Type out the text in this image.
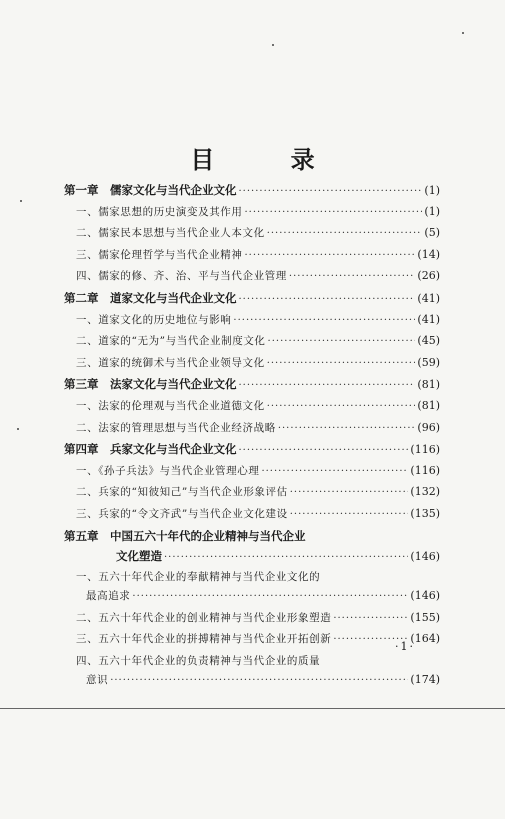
目 录
第一章　儒家文化与当代企业文化 ·····	(1)
一、儒家思想的历史演变及其作用 ·····	(1)
二、儒家民本思想与当代企业人本文化 ·····	(5)
三、儒家伦理哲学与当代企业精神 ·····	(14)
四、儒家的修、齐、治、平与当代企业管理 ·····	(26)
第二章　道家文化与当代企业文化 ·····	(41)
一、道家文化的历史地位与影响 ·····	(41)
二、道家的“无为”与当代企业制度文化 ·····	(45)
三、道家的统御术与当代企业领导文化 ·····	(59)
第三章　法家文化与当代企业文化 ·····	(81)
一、法家的伦理观与当代企业道德文化 ·····	(81)
二、法家的管理思想与当代企业经济战略 ·····	(96)
第四章　兵家文化与当代企业文化 ·····	(116)
一、《孙子兵法》与当代企业管理心理 ·····	(116)
二、兵家的“知彼知己”与当代企业形象评估 ·····	(132)
三、兵家的“令文齐武”与当代企业文化建设 ·····	(135)
第五章　中国五六十年代的企业精神与当代企业
文化塑造 ·····	(146)
一、五六十年代企业的奉献精神与当代企业文化的
最高追求 ·····	(146)
二、五六十年代企业的创业精神与当代企业形象塑造 ·····	(155)
三、五六十年代企业的拼搏精神与当代企业开拓创新 ·····	(164)
四、五六十年代企业的负责精神与当代企业的质量
意识 ·····	(174)
·1·
